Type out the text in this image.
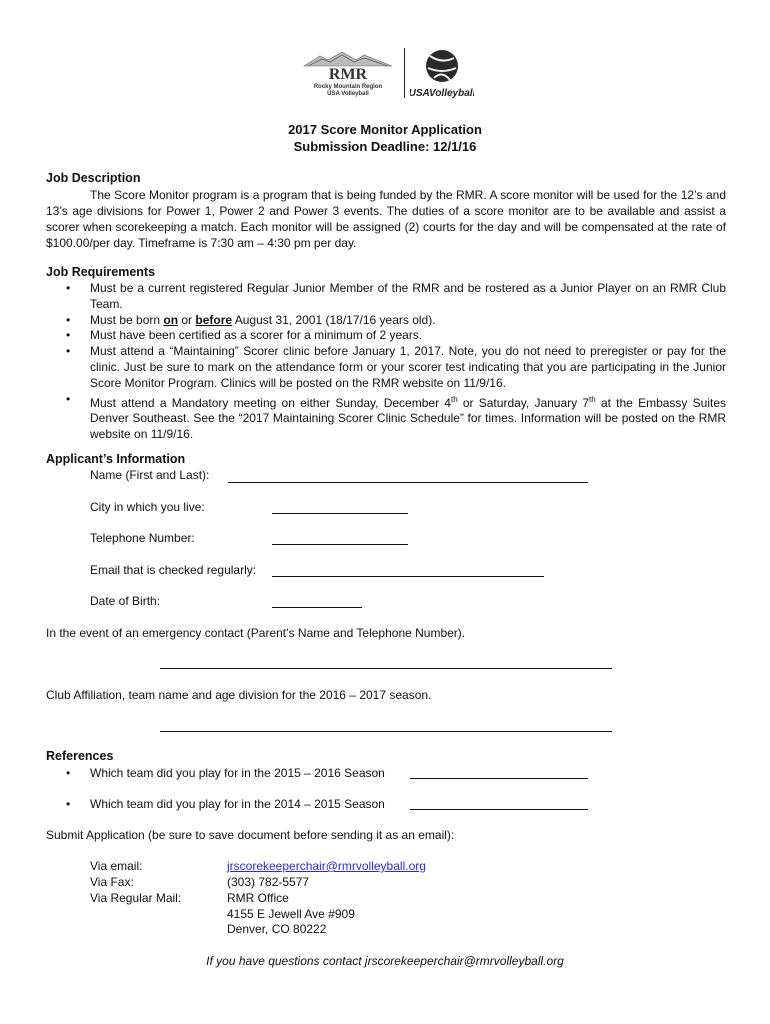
RMR
Rocky Mountain Region
USA Volleyball	USAVolleyball
2017 Score Monitor Application
Submission Deadline: 12/1/16
Job Description
The Score Monitor program is a program that is being funded by the RMR. A score monitor will be used for the 12’s and 13’s age divisions for Power 1, Power 2 and Power 3 events. The duties of a score monitor are to be available and assist a scorer when scorekeeping a match. Each monitor will be assigned (2) courts for the day and will be compensated at the rate of $100.00/per day. Timeframe is 7:30 am – 4:30 pm per day.
Job Requirements
• Must be a current registered Regular Junior Member of the RMR and be rostered as a Junior Player on an RMR Club Team.
• Must be born on or before August 31, 2001 (18/17/16 years old).
• Must have been certified as a scorer for a minimum of 2 years.
• Must attend a “Maintaining” Scorer clinic before January 1, 2017. Note, you do not need to preregister or pay for the clinic. Just be sure to mark on the attendance form or your scorer test indicating that you are participating in the Junior Score Monitor Program. Clinics will be posted on the RMR website on 11/9/16.
• Must attend a Mandatory meeting on either Sunday, December 4th or Saturday, January 7th at the Embassy Suites Denver Southeast. See the “2017 Maintaining Scorer Clinic Schedule” for times. Information will be posted on the RMR website on 11/9/16.
Applicant’s Information
Name (First and Last):
City in which you live:
Telephone Number:
Email that is checked regularly:
Date of Birth:
In the event of an emergency contact (Parent’s Name and Telephone Number).
Club Affiliation, team name and age division for the 2016 – 2017 season.
References
• Which team did you play for in the 2015 – 2016 Season
• Which team did you play for in the 2014 – 2015 Season
Submit Application (be sure to save document before sending it as an email):
Via email:	jrscorekeeperchair@rmrvolleyball.org
Via Fax:	(303) 782-5577
Via Regular Mail:	RMR Office
4155 E Jewell Ave #909
Denver, CO 80222
If you have questions contact jrscorekeeperchair@rmrvolleyball.org
